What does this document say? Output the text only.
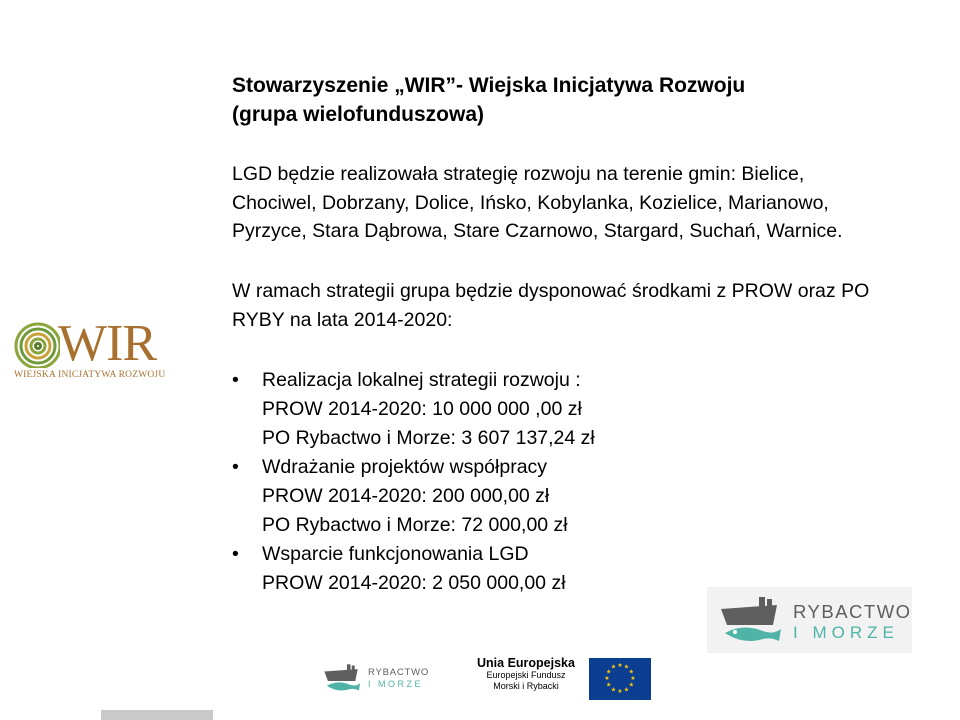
Stowarzyszenie „WIR”- Wiejska Inicjatywa Rozwoju
(grupa wielofunduszowa)
LGD będzie realizowała strategię rozwoju na terenie gmin: Bielice,
Chociwel, Dobrzany, Dolice, Ińsko, Kobylanka, Kozielice, Marianowo,
Pyrzyce, Stara Dąbrowa, Stare Czarnowo, Stargard, Suchań, Warnice.
W ramach strategii grupa będzie dysponować środkami z PROW oraz PO
RYBY na lata 2014-2020:
•	Realizacja lokalnej strategii rozwoju :
PROW 2014-2020: 10 000 000 ,00 zł
PO Rybactwo i Morze: 3 607 137,24 zł
•	Wdrażanie projektów współpracy
PROW 2014-2020: 200 000,00 zł
PO Rybactwo i Morze: 72 000,00 zł
•	Wsparcie funkcjonowania LGD
PROW 2014-2020: 2 050 000,00 zł
WIR
WIEJSKA INICJATYWA ROZWOJU
RYBACTWO
I MORZE
RYBACTWO
I MORZE
Unia Europejska
Europejski Fundusz
Morski i Rybacki
★ ★
★
★
★
★
★
★
★
★
★
★
